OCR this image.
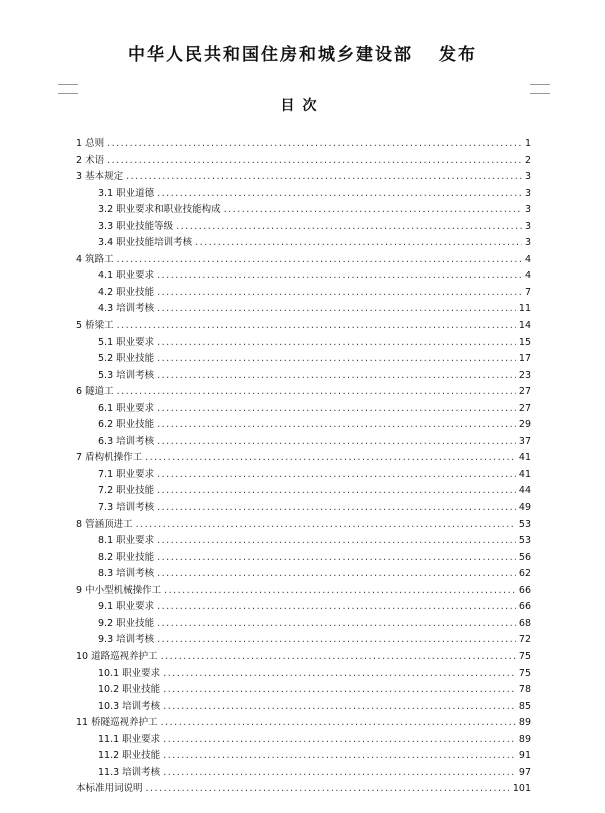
中华人民共和国住房和城乡建设部 发布
目次
1 总则 .....	1
2 术语 .....	2
3 基本规定 .....	3
3.1 职业道德 .....	3
3.2 职业要求和职业技能构成 .....	3
3.3 职业技能等级 .....	3
3.4 职业技能培训考核 .....	3
4 筑路工 .....	4
4.1 职业要求 .....	4
4.2 职业技能 .....	7
4.3 培训考核 .....	11
5 桥梁工 .....	14
5.1 职业要求 .....	15
5.2 职业技能 .....	17
5.3 培训考核 .....	23
6 隧道工 .....	27
6.1 职业要求 .....	27
6.2 职业技能 .....	29
6.3 培训考核 .....	37
7 盾构机操作工 .....	41
7.1 职业要求 .....	41
7.2 职业技能 .....	44
7.3 培训考核 .....	49
8 管涵顶进工 .....	53
8.1 职业要求 .....	53
8.2 职业技能 .....	56
8.3 培训考核 .....	62
9 中小型机械操作工 .....	66
9.1 职业要求 .....	66
9.2 职业技能 .....	68
9.3 培训考核 .....	72
10 道路巡视养护工 .....	75
10.1 职业要求 .....	75
10.2 职业技能 .....	78
10.3 培训考核 .....	85
11 桥隧巡视养护工 .....	89
11.1 职业要求 .....	89
11.2 职业技能 .....	91
11.3 培训考核 .....	97
本标准用词说明 .....	101
